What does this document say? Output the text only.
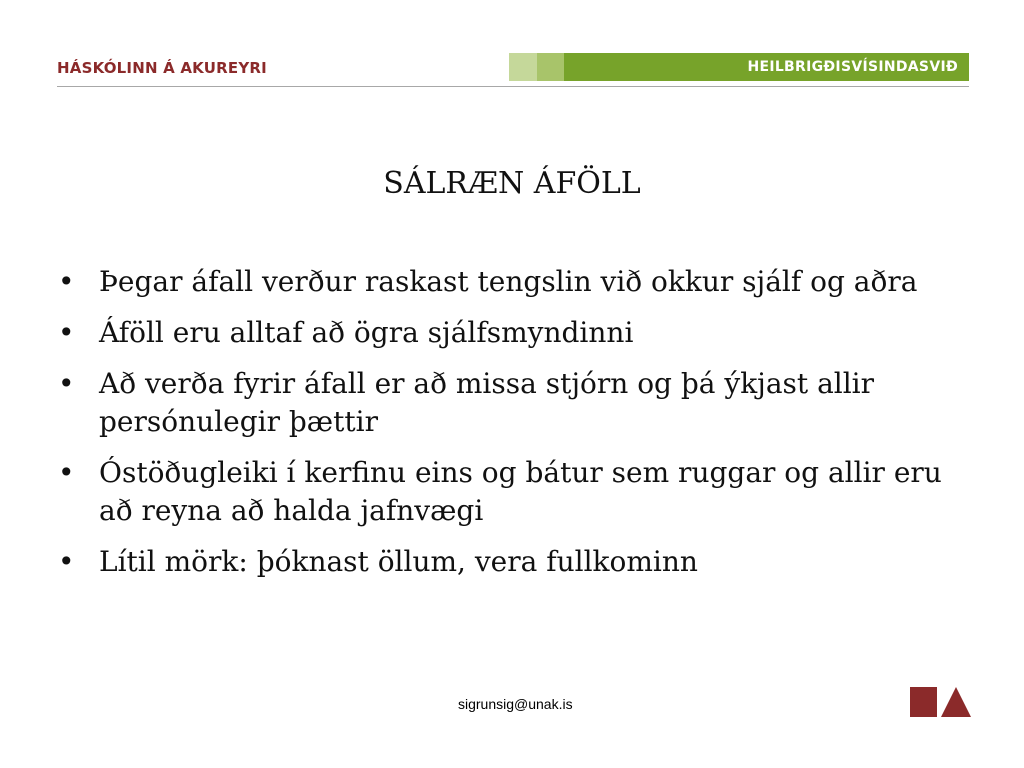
HÁSKÓLINN Á AKUREYRI	HEILBRIGÐISVÍSINDASVIÐ
SÁLRÆN ÁFÖLL
• Þegar áfall verður raskast tengslin við okkur sjálf og aðra
• Áföll eru alltaf að ögra sjálfsmyndinni
• Að verða fyrir áfall er að missa stjórn og þá ýkjast allir persónulegir þættir
• Óstöðugleiki í kerfinu eins og bátur sem ruggar og allir eru að reyna að halda jafnvægi
• Lítil mörk: þóknast öllum, vera fullkominn
sigrunsig@unak.is
